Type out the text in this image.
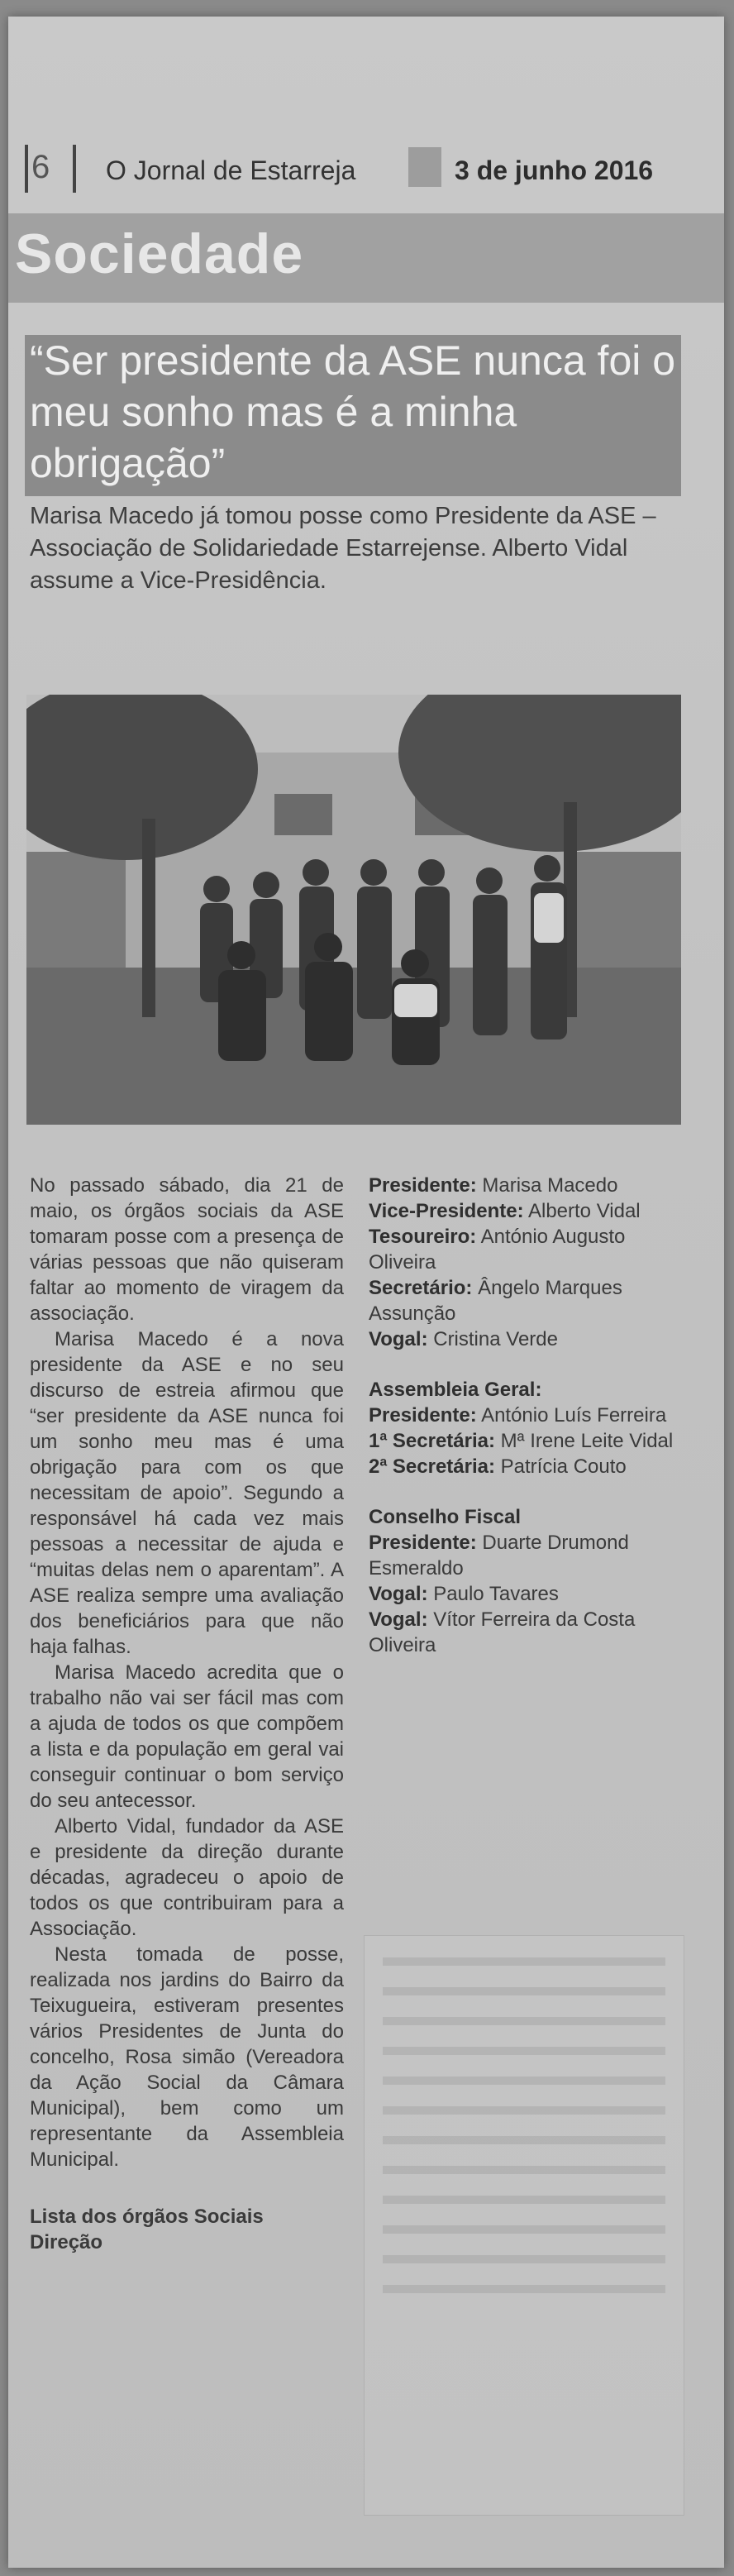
6 O Jornal de Estarreja	3 de junho 2016
Sociedade
“Ser presidente da ASE nunca foi o meu sonho mas é a minha obrigação”
Marisa Macedo já tomou posse como Presidente da ASE – Associação de Solidariedade Estarrejense. Alberto Vidal assume a Vice-Presidência.

No passado sábado, dia 21 de maio, os órgãos sociais da ASE tomaram posse com a presença de várias pessoas que não quiseram faltar ao momento de viragem da associação.

Marisa Macedo é a nova presidente da ASE e no seu discurso de estreia afirmou que “ser presidente da ASE nunca foi um sonho meu mas é uma obrigação para com os que necessitam de apoio”. Segundo a responsável há cada vez mais pessoas a necessitar de ajuda e “muitas delas nem o aparentam”. A ASE realiza sempre uma avaliação dos beneficiários para que não haja falhas.

Marisa Macedo acredita que o trabalho não vai ser fácil mas com a ajuda de todos os que compõem a lista e da população em geral vai conseguir continuar o bom serviço do seu antecessor.

Alberto Vidal, fundador da ASE e presidente da direção durante décadas, agradeceu o apoio de todos os que contribuiram para a Associação.

Nesta tomada de posse, realizada nos jardins do Bairro da Teixugueira, estiveram presentes vários Presidentes de Junta do concelho, Rosa simão (Vereadora da Ação Social da Câmara Municipal), bem como um representante da Assembleia Municipal.

Lista dos órgãos Sociais
Direção

Presidente: Marisa Macedo

Vice-Presidente: Alberto Vidal

Tesoureiro: António Augusto Oliveira

Secretário: Ângelo Marques Assunção

Vogal: Cristina Verde

Assembleia Geral:

Presidente: António Luís Ferreira

1ª Secretária: Mª Irene Leite Vidal

2ª Secretária: Patrícia Couto

Conselho Fiscal

Presidente: Duarte Drumond Esmeraldo

Vogal: Paulo Tavares

Vogal: Vítor Ferreira da Costa Oliveira
